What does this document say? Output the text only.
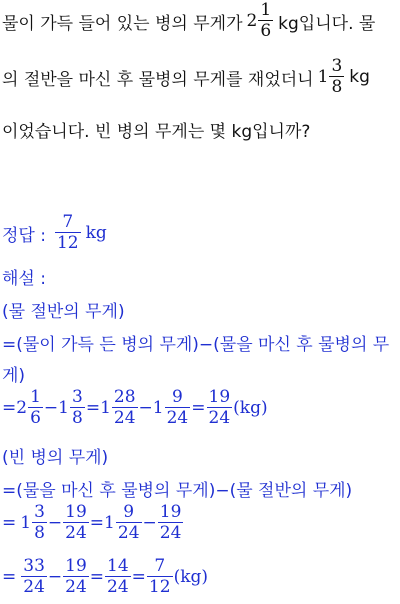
물이 가득 들어 있는 병의 무게가 $2 \frac{1}{6}$ kg입니다. 물
의 절반을 마신 후 물병의 무게를 재었더니 $1 \frac{3}{8}$ kg
이었습니다. 빈 병의 무게는 몇 kg입니까?
정답 : $\frac{7}{12}$ kg
해설 :
(물 절반의 무게)
=(물이 가득 든 병의 무게)−(물을 마신 후 물병의 무
게)
= $2 \frac{1}{6} - 1 \frac{3}{8} = 1 \frac{28}{24} - 1 \frac{9}{24} = \frac{19}{24} (kg)$
(빈 병의 무게)
=(물을 마신 후 물병의 무게)−(물 절반의 무게)
= $1 \frac{3}{8} - \frac{19}{24} = 1 \frac{9}{24} - \frac{19}{24}$
= $\frac{33}{24} - \frac{19}{24} = \frac{14}{24} = \frac{7}{12} (kg)$
